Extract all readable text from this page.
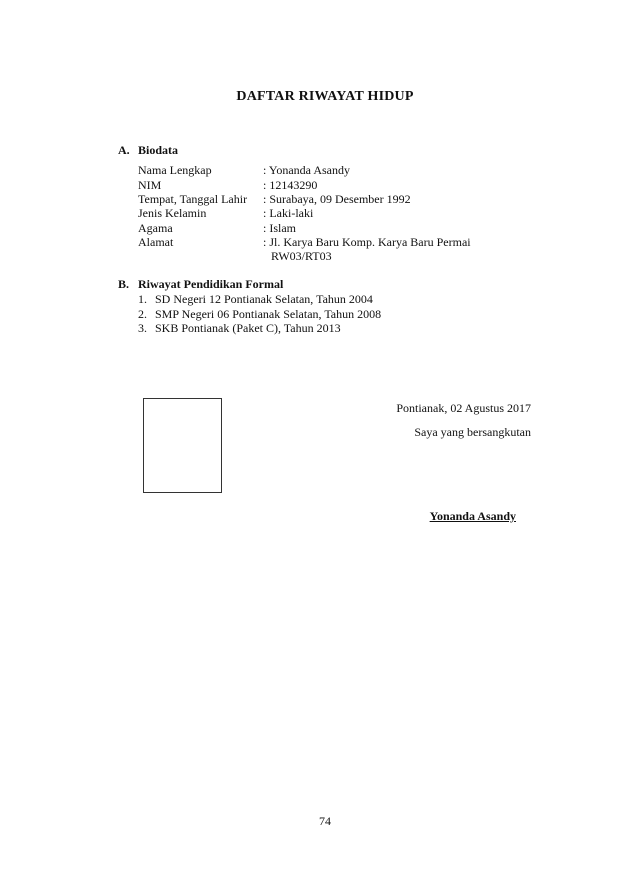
DAFTAR RIWAYAT HIDUP
A. Biodata
Nama Lengkap	: Yonanda Asandy
NIM	: 12143290
Tempat, Tanggal Lahir : Surabaya, 09 Desember 1992
Jenis Kelamin	: Laki-laki
Agama	: Islam
Alamat	: Jl. Karya Baru Komp. Karya Baru Permai
RW03/RT03
B. Riwayat Pendidikan Formal
1. SD Negeri 12 Pontianak Selatan, Tahun 2004
2. SMP Negeri 06 Pontianak Selatan, Tahun 2008
3. SKB Pontianak (Paket C), Tahun 2013
Pontianak, 02 Agustus 2017
Saya yang bersangkutan
Yonanda Asandy
74
